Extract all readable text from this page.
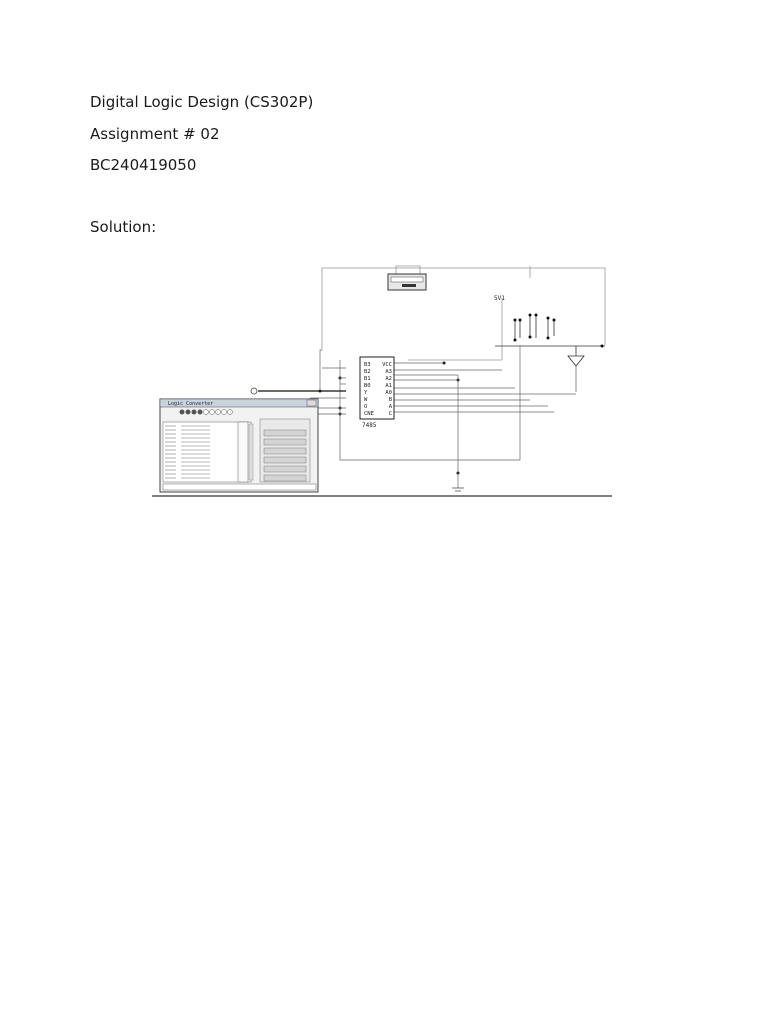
Digital Logic Design (CS302P)
Assignment # 02
BC240419050
Solution:
5V1
B3
B2
B1
B0
Y
W
O
CNE
VCC
A3
A2
A1
A0
B
A
C
7485
Logic Converter
